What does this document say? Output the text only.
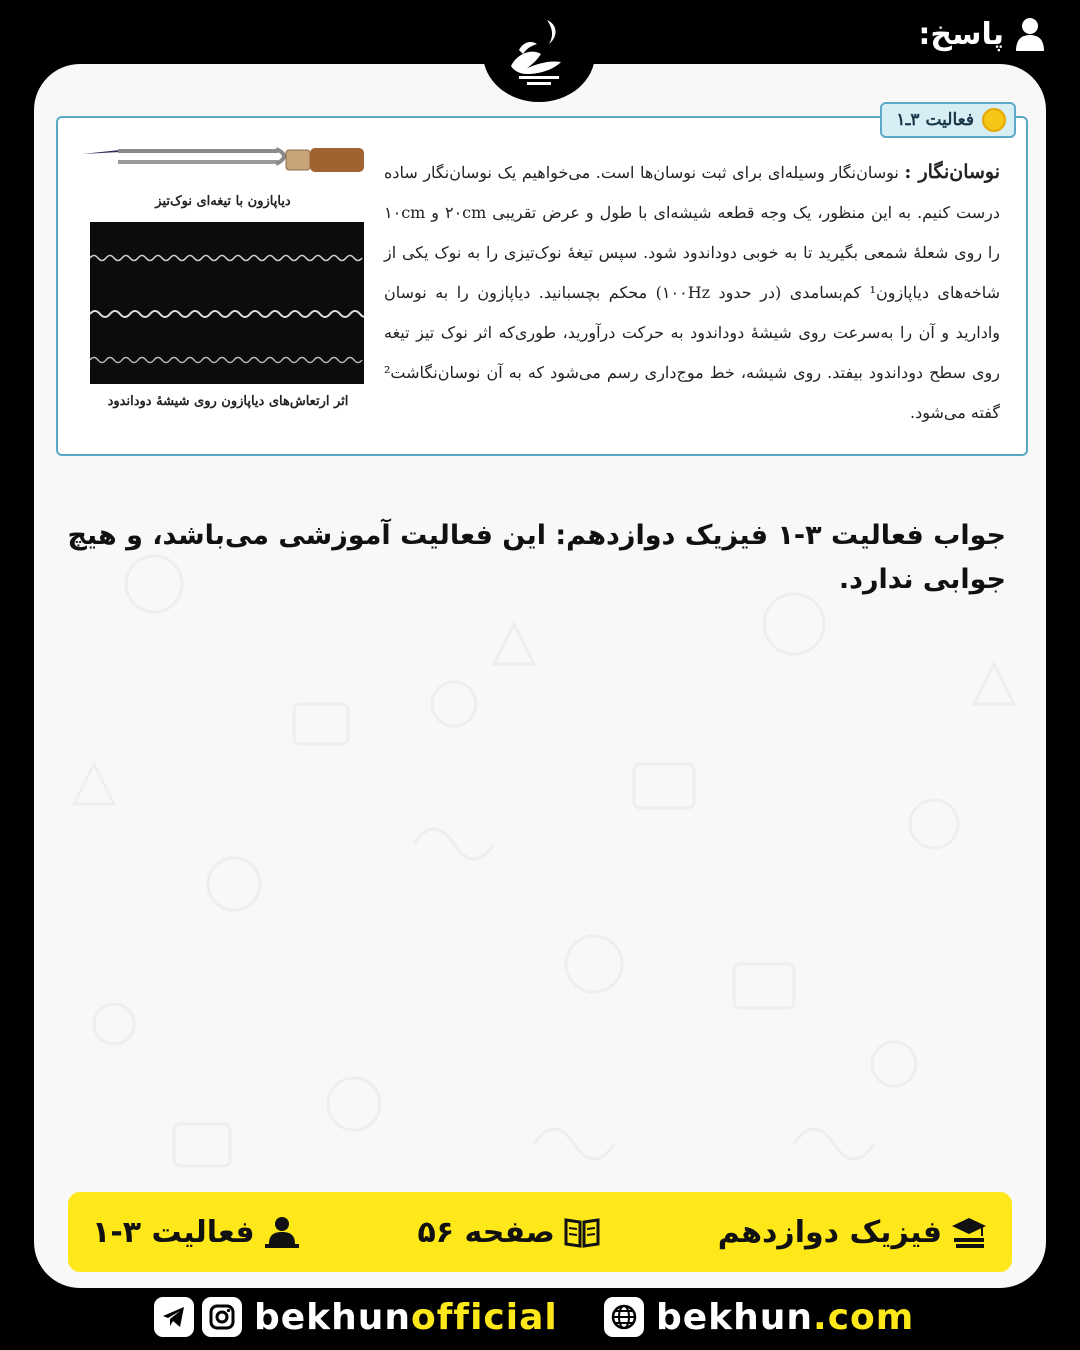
پاسخ:
فعالیت ۳ـ۱
نوسان‌نگار : نوسان‌نگار وسیله‌ای برای ثبت نوسان‌ها است. می‌خواهیم یک نوسان‌نگار ساده درست کنیم. به این منظور، یک وجه قطعه شیشه‌ای با طول و عرض تقریبی ۲۰cm و ۱۰cm را روی شعلهٔ شمعی بگیرید تا به خوبی دوداندود شود. سپس تیغهٔ نوک‌تیزی را به نوک یکی از شاخه‌های دیاپازون¹ کم‌بسامدی (در حدود ۱۰۰Hz) محکم بچسبانید. دیاپازون را به نوسان وادارید و آن را به‌سرعت روی شیشهٔ دوداندود به حرکت درآورید، طوری‌که اثر نوک تیز تیغه روی سطح دوداندود بیفتد. روی شیشه، خط موج‌داری رسم می‌شود که به آن نوسان‌نگاشت² گفته می‌شود.
دیاپازون با تیغه‌ای نوک‌تیز
اثر ارتعاش‌های دیاپازون روی شیشهٔ دوداندود
جواب فعالیت ۳-۱ فیزیک دوازدهم: این فعالیت آموزشی می‌باشد، و هیچ جوابی ندارد.
فعالیت ۳-۱	صفحه ۵۶	فیزیک دوازدهم
bekhun official	bekhun .com
